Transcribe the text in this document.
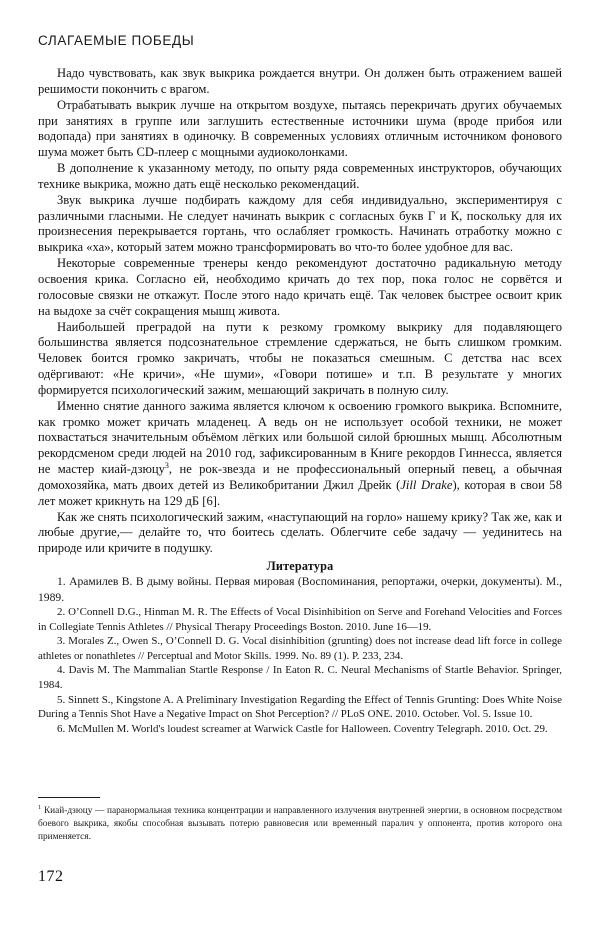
СЛАГАЕМЫЕ ПОБЕДЫ

Надо чувствовать, как звук выкрика рождается внутри. Он должен быть отражением вашей решимости покончить с врагом.

Отрабатывать выкрик лучше на открытом воздухе, пытаясь перекричать других обучаемых при занятиях в группе или заглушить естественные источники шума (вроде прибоя или водопада) при занятиях в одиночку. В современных условиях отличным источником фонового шума может быть CD-плеер с мощными аудиоколонками.

В дополнение к указанному методу, по опыту ряда современных инструкторов, обучающих технике выкрика, можно дать ещё несколько рекомендаций.

Звук выкрика лучше подбирать каждому для себя индивидуально, экспериментируя с различными гласными. Не следует начинать выкрик с согласных букв Г и К, поскольку для их произнесения перекрывается гортань, что ослабляет громкость. Начинать отработку можно с выкрика «ха», который затем можно трансформировать во что-то более удобное для вас.

Некоторые современные тренеры кендо рекомендуют достаточно радикальную методу освоения крика. Согласно ей, необходимо кричать до тех пор, пока голос не сорвётся и голосовые связки не откажут. После этого надо кричать ещё. Так человек быстрее освоит крик на выдохе за счёт сокращения мышц живота.

Наибольшей преградой на пути к резкому громкому выкрику для подавляющего большинства является подсознательное стремление сдержаться, не быть слишком громким. Человек боится громко закричать, чтобы не показаться смешным. С детства нас всех одёргивают: «Не кричи», «Не шуми», «Говори потише» и т.п. В результате у многих формируется психологический зажим, мешающий закричать в полную силу.

Именно снятие данного зажима является ключом к освоению громкого выкрика. Вспомните, как громко может кричать младенец. А ведь он не использует особой техники, не может похвастаться значительным объёмом лёгких или большой силой брюшных мышц. Абсолютным рекордсменом среди людей на 2010 год, зафиксированным в Книге рекордов Гиннесса, является не мастер киай-дзюцу$^3$, не рок-звезда и не профессиональный оперный певец, а обычная домохозяйка, мать двоих детей из Великобритании Джил Дрейк (Jill Drake), которая в свои 58 лет может крикнуть на 129 дБ [6].

Как же снять психологический зажим, «наступающий на горло» нашему крику? Так же, как и любые другие,— делайте то, что боитесь сделать. Облегчите себе задачу — уединитесь на природе или кричите в подушку.

Литература

1. Арамилев В. В дыму войны. Первая мировая (Воспоминания, репортажи, очерки, документы). М., 1989.
2. O’Connell D.G., Hinman M. R. The Effects of Vocal Disinhibition on Serve and Forehand Velocities and Forces in Collegiate Tennis Athletes // Physical Therapy Proceedings Boston. 2010. June 16—19.
3. Morales Z., Owen S., O’Connell D. G. Vocal disinhibition (grunting) does not increase dead lift force in college athletes or nonathletes // Perceptual and Motor Skills. 1999. No. 89 (1). P. 233, 234.
4. Davis M. The Mammalian Startle Response / In Eaton R. C. Neural Mechanisms of Startle Behavior. Springer, 1984.
5. Sinnett S., Kingstone A. A Preliminary Investigation Regarding the Effect of Tennis Grunting: Does White Noise During a Tennis Shot Have a Negative Impact on Shot Perception? // PLoS ONE. 2010. October. Vol. 5. Issue 10.
6. McMullen M. World's loudest screamer at Warwick Castle for Halloween. Coventry Telegraph. 2010. Oct. 29.

$^1$ Киай-дзюцу — паранормальная техника концентрации и направленного излучения внутренней энергии, в основном посредством боевого выкрика, якобы способная вызывать потерю равновесия или временный паралич у оппонента, против которого она применяется.

172
